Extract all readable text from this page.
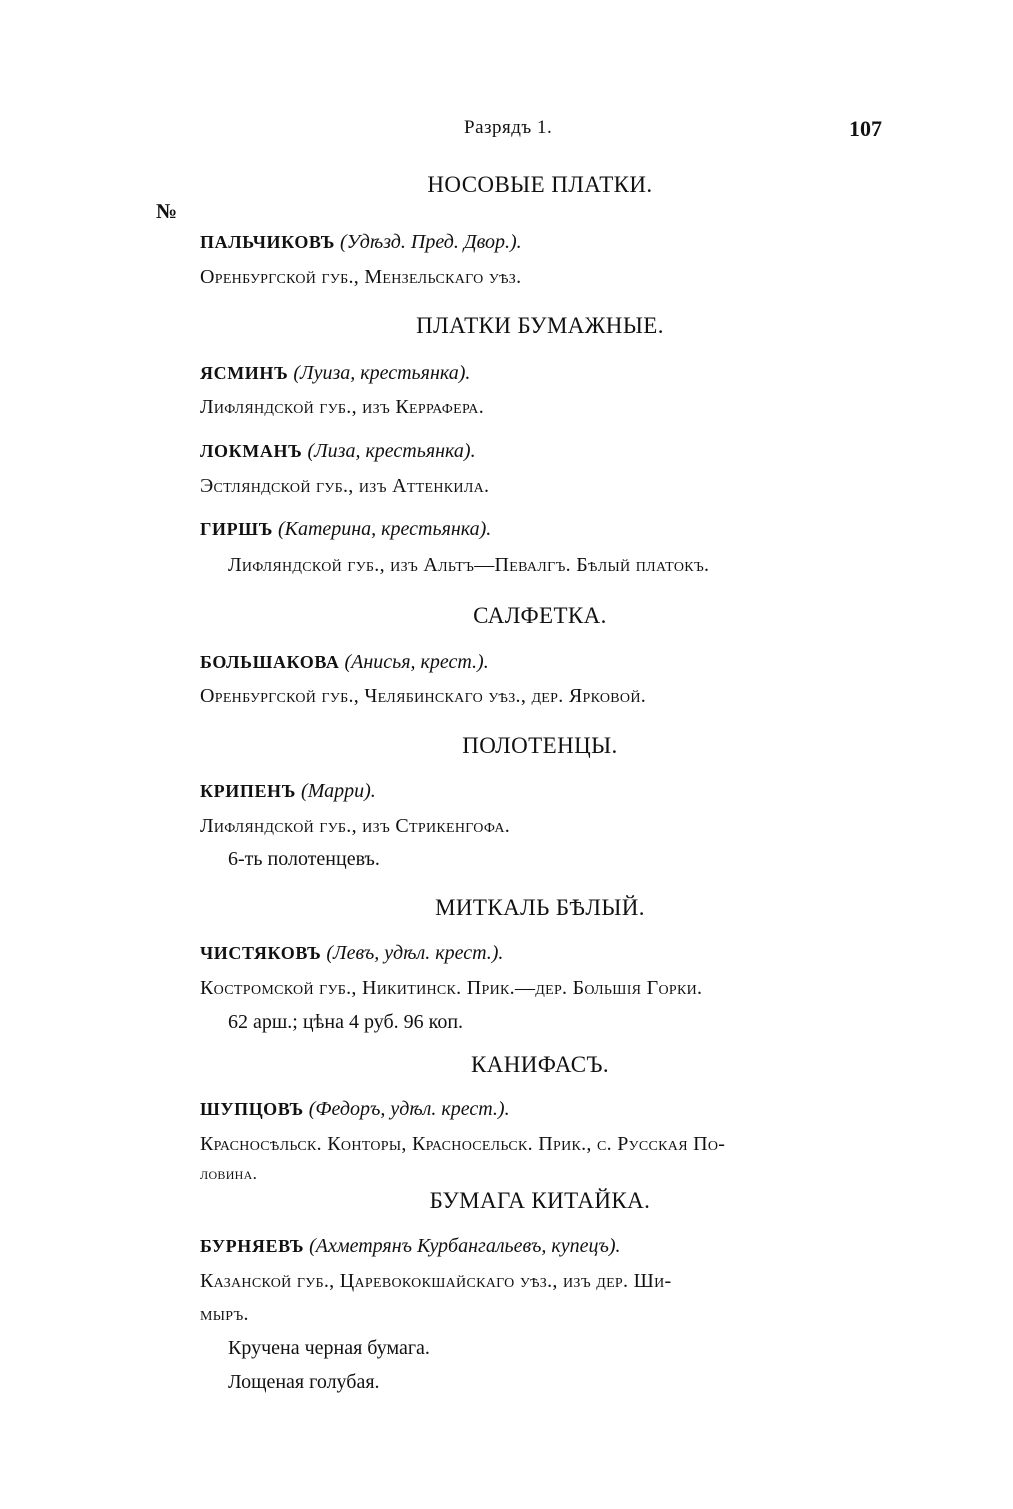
Разрядъ 1.	107
№
НОСОВЫЕ ПЛАТКИ.
ПАЛЬЧИКОВЪ (Удѣзд. Пред. Двор.).
Оренбургской губ., Мензельскаго уѣз.
ПЛАТКИ БУМАЖНЫЕ.
ЯСМИНЪ (Луиза, крестьянка).
Лифляндской губ., изъ Керрафера.
ЛОКМАНЪ (Лиза, крестьянка).
Эстляндской губ., изъ Аттенкила.
ГИРШЪ (Катерина, крестьянка).
Лифляндской губ., изъ Альтъ—Певалгъ. Бѣлый платокъ.
САЛФЕТКА.
БОЛЬШАКОВА (Анисья, крест.).
Оренбургской губ., Челябинскаго уѣз., дер. Ярковой.
ПОЛОТЕНЦЫ.
КРИПЕНЪ (Марри).
Лифляндской губ., изъ Стрикенгофа.
6-ть полотенцевъ.
МИТКАЛЬ БѢЛЫЙ.
ЧИСТЯКОВЪ (Левъ, удѣл. крест.).
Костромской губ., Никитинск. Прик.—дер. Большiя Горки.
62 арш.; цѣна 4 руб. 96 коп.
КАНИФАСЪ.
ШУПЦОВЪ (Федоръ, удѣл. крест.).
Красносѣльск. Конторы, Красносельск. Прик., с. Русская По-
ловина.
БУМАГА КИТАЙКА.
БУРНЯЕВЪ (Ахметрянъ Курбангальевъ, купецъ).
Казанской губ., Царевококшайскаго уѣз., изъ дер. Ши-
мыръ.
Кручена черная бумага.
Лощеная голубая.
